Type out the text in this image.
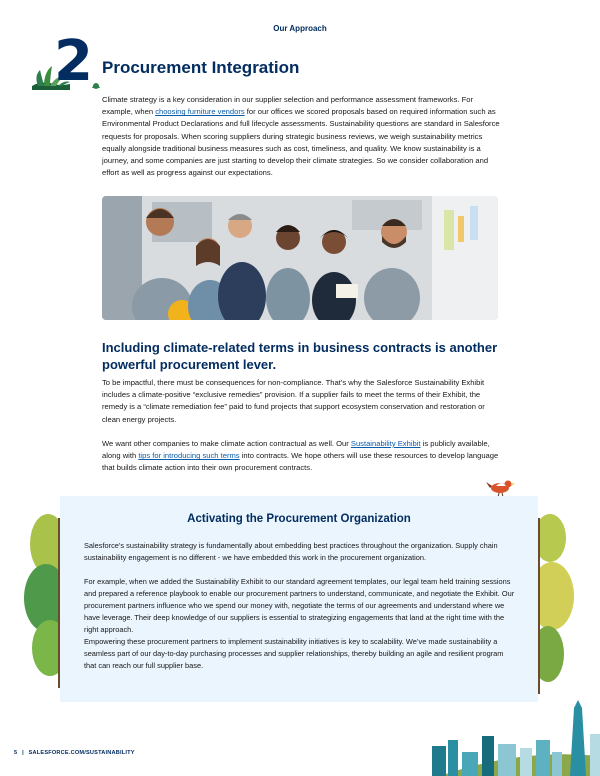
Our Approach
2 Procurement Integration
Climate strategy is a key consideration in our supplier selection and performance assessment frameworks. For example, when choosing furniture vendors for our offices we scored proposals based on required information such as Environmental Product Declarations and full lifecycle assessments. Sustainability questions are standard in Salesforce requests for proposals. When scoring suppliers during strategic business reviews, we weigh sustainability metrics equally alongside traditional business measures such as cost, timeliness, and quality. We know sustainability is a journey, and some companies are just starting to develop their climate strategies. So we consider collaboration and effort as well as progress against our expectations.
Including climate-related terms in business contracts is another powerful procurement lever.
To be impactful, there must be consequences for non-compliance. That’s why the Salesforce Sustainability Exhibit includes a climate-positive “exclusive remedies” provision. If a supplier fails to meet the terms of their Exhibit, the remedy is a “climate remediation fee” paid to fund projects that support ecosystem conservation and restoration or clean energy projects.
We want other companies to make climate action contractual as well. Our Sustainability Exhibit is publicly available, along with tips for introducing such terms into contracts. We hope others will use these resources to develop language that builds climate action into their own procurement contracts.
Activating the Procurement Organization
Salesforce’s sustainability strategy is fundamentally about embedding best practices throughout the organization. Supply chain sustainability engagement is no different - we have embedded this work in the procurement organization.
For example, when we added the Sustainability Exhibit to our standard agreement templates, our legal team held training sessions and prepared a reference playbook to enable our procurement partners to understand, communicate, and negotiate the Exhibit. Our procurement partners influence who we spend our money with, negotiate the terms of our agreements and understand where we have leverage. Their deep knowledge of our suppliers is essential to strategizing engagements that land at the right time with the right approach.
Empowering these procurement partners to implement sustainability initiatives is key to scalability. We’ve made sustainability a seamless part of our day-to-day purchasing processes and supplier relationships, thereby building an agile and resilient program that can reach our full supplier base.
5 | SALESFORCE.COM/SUSTAINABILITY
